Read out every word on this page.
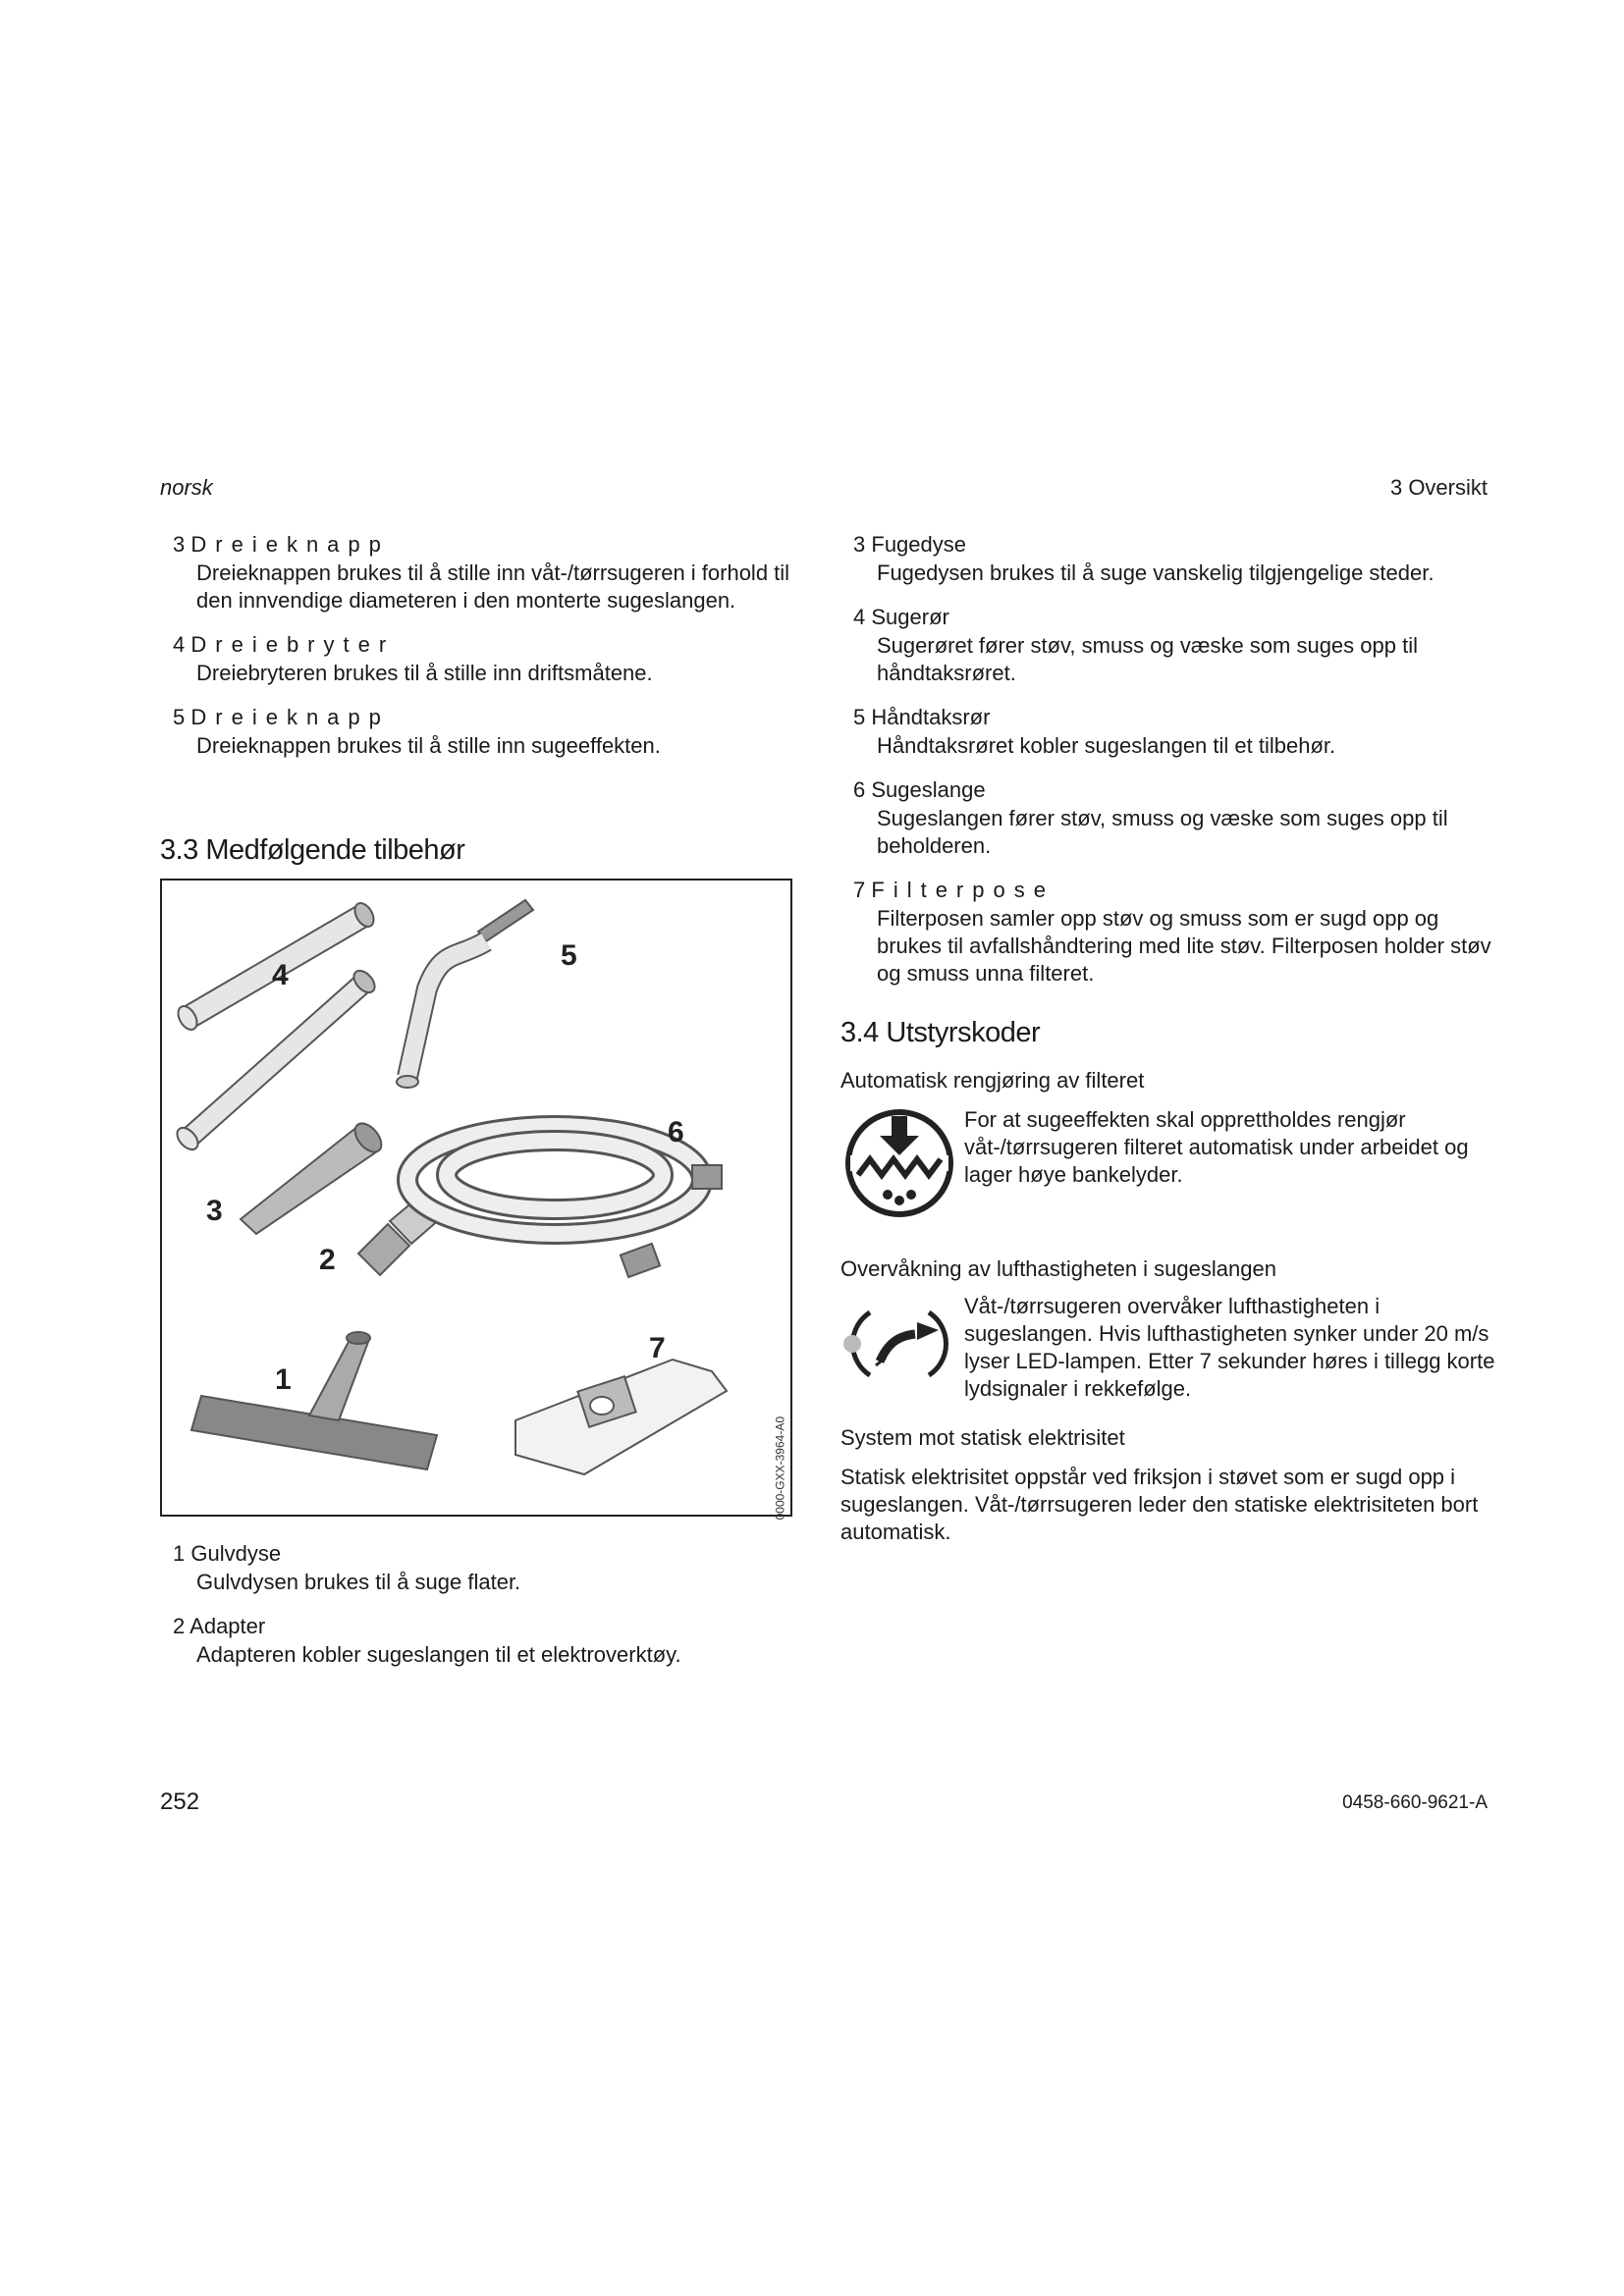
norsk	3 Oversikt
3 Dreieknapp
Dreieknappen brukes til å stille inn våt-/tørrsugeren i forhold til den innvendige diameteren i den monterte sugeslangen.
4 Dreiebryter
Dreiebryteren brukes til å stille inn driftsmåtene.
5 Dreieknapp
Dreieknappen brukes til å stille inn sugeeffekten.
3.3 Medfølgende tilbehør
4
5
6
3
2
7
1
0000-GXX-3964-A0
1 Gulvdyse
Gulvdysen brukes til å suge flater.
2 Adapter
Adapteren kobler sugeslangen til et elektroverktøy.
3 Fugedyse
Fugedysen brukes til å suge vanskelig tilgjengelige steder.
4 Sugerør
Sugerøret fører støv, smuss og væske som suges opp til håndtaksrøret.
5 Håndtaksrør
Håndtaksrøret kobler sugeslangen til et tilbehør.
6 Sugeslange
Sugeslangen fører støv, smuss og væske som suges opp til beholderen.
7 Filterpose
Filterposen samler opp støv og smuss som er sugd opp og brukes til avfallshåndtering med lite støv. Filterposen holder støv og smuss unna filteret.
3.4 Utstyrskoder
Automatisk rengjøring av filteret
For at sugeeffekten skal opprettholdes rengjør våt-/tørrsugeren filteret automatisk under arbeidet og lager høye bankelyder.
Overvåkning av lufthastigheten i sugeslangen
Våt-/tørrsugeren overvåker lufthastigheten i sugeslangen. Hvis lufthastigheten synker under 20 m/s lyser LED-lampen. Etter 7 sekunder høres i tillegg korte lydsignaler i rekkefølge.
System mot statisk elektrisitet
Statisk elektrisitet oppstår ved friksjon i støvet som er sugd opp i sugeslangen. Våt-/tørrsugeren leder den statiske elektrisiteten bort automatisk.
252	0458-660-9621-A
